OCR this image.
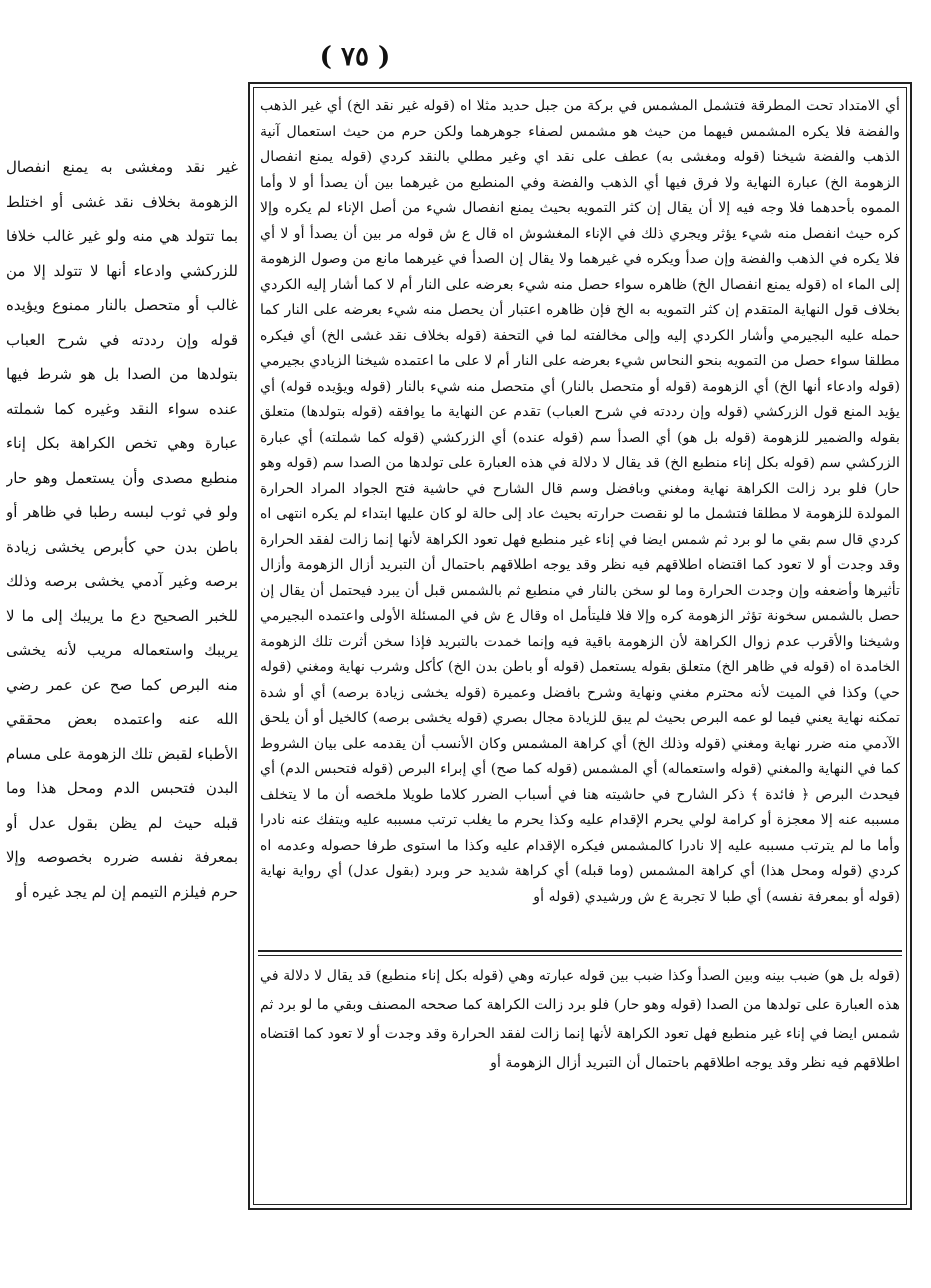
( ٧٥ )

غير نقد ومغشى به يمنع انفصال الزهومة بخلاف نقد غشى أو اختلط بما تتولد هي منه ولو غير غالب خلافا للزركشي وادعاء أنها لا تتولد إلا من غالب أو متحصل بالنار ممنوع ويؤيده قوله وإن رددته في شرح العباب بتولدها من الصدا بل هو شرط فيها عنده سواء النقد وغيره كما شملته عبارة وهي تخص الكراهة بكل إناء منطبع مصدى وأن يستعمل وهو حار ولو في ثوب لبسه رطبا في ظاهر أو باطن بدن حي كأبرص يخشى زيادة برصه وغير آدمي يخشى برصه وذلك للخبر الصحيح دع ما يريبك إلى ما لا يريبك واستعماله مريب لأنه يخشى منه البرص كما صح عن عمر رضي الله عنه واعتمده بعض محققي الأطباء لقبض تلك الزهومة على مسام البدن فتحبس الدم ومحل هذا وما قبله حيث لم يظن بقول عدل أو بمعرفة نفسه ضرره بخصوصه وإلا حرم فيلزم التيمم إن لم يجد غيره أو

أي الامتداد تحت المطرقة فتشمل المشمس في بركة من جبل حديد مثلا اه (قوله غير نقد الخ) أي غير الذهب والفضة فلا يكره المشمس فيهما من حيث هو مشمس لصفاء جوهرهما ولكن حرم من حيث استعمال آنية الذهب والفضة شيخنا (قوله ومغشى به) عطف على نقد اي وغير مطلي بالنقد كردي (قوله يمنع انفصال الزهومة الخ) عبارة النهاية ولا فرق فيها أي الذهب والفضة وفي المنطبع من غيرهما بين أن يصدأ أو لا وأما المموه بأحدهما فلا وجه فيه إلا أن يقال إن كثر التمويه بحيث يمنع انفصال شيء من أصل الإناء لم يكره وإلا كره حيث انفصل منه شيء يؤثر ويجري ذلك في الإناء المغشوش اه قال ع ش قوله مر بين أن يصدأ أو لا أي فلا يكره في الذهب والفضة وإن صدأ ويكره في غيرهما ولا يقال إن الصدأ في غيرهما مانع من وصول الزهومة إلى الماء اه (قوله يمنع انفصال الخ) ظاهره سواء حصل منه شيء بعرضه على النار أم لا كما أشار إليه الكردي بخلاف قول النهاية المتقدم إن كثر التمويه به الخ فإن ظاهره اعتبار أن يحصل منه شيء بعرضه على النار كما حمله عليه البجيرمي وأشار الكردي إليه وإلى مخالفته لما في التحفة (قوله بخلاف نقد غشى الخ) أي فيكره مطلقا سواء حصل من التمويه بنحو النحاس شيء بعرضه على النار أم لا على ما اعتمده شيخنا الزيادي بجيرمي (قوله وادعاء أنها الخ) أي الزهومة (قوله أو متحصل بالنار) أي متحصل منه شيء بالنار (قوله ويؤيده قوله) أي يؤيد المنع قول الزركشي (قوله وإن رددته في شرح العباب) تقدم عن النهاية ما يوافقه (قوله بتولدها) متعلق بقوله والضمير للزهومة (قوله بل هو) أي الصدأ سم (قوله عنده) أي الزركشي (قوله كما شملته) أي عبارة الزركشي سم (قوله بكل إناء منطبع الخ) قد يقال لا دلالة في هذه العبارة على تولدها من الصدا سم (قوله وهو حار) فلو برد زالت الكراهة نهاية ومغني وبافضل وسم قال الشارح في حاشية فتح الجواد المراد الحرارة المولدة للزهومة لا مطلقا فتشمل ما لو نقصت حرارته بحيث عاد إلى حالة لو كان عليها ابتداء لم يكره انتهى اه كردي قال سم بقي ما لو برد ثم شمس ايضا في إناء غير منطبع فهل تعود الكراهة لأنها إنما زالت لفقد الحرارة وقد وجدت أو لا تعود كما اقتضاه اطلاقهم فيه نظر وقد يوجه اطلاقهم باحتمال أن التبريد أزال الزهومة وأزال تأثيرها وأضعفه وإن وجدت الحرارة وما لو سخن بالنار في منطبع ثم بالشمس قبل أن يبرد فيحتمل أن يقال إن حصل بالشمس سخونة تؤثر الزهومة كره وإلا فلا فليتأمل اه وقال ع ش في المسئلة الأولى واعتمده البجيرمي وشيخنا والأقرب عدم زوال الكراهة لأن الزهومة باقية فيه وإنما خمدت بالتبريد فإذا سخن أثرت تلك الزهومة الخامدة اه (قوله في ظاهر الخ) متعلق بقوله يستعمل (قوله أو باطن بدن الخ) كأكل وشرب نهاية ومغني (قوله حي) وكذا في الميت لأنه محترم مغني ونهاية وشرح بافضل وعميرة (قوله يخشى زيادة برصه) أي أو شدة تمكنه نهاية يعني فيما لو عمه البرص بحيث لم يبق للزيادة مجال بصري (قوله يخشى برصه) كالخيل أو أن يلحق الآدمي منه ضرر نهاية ومغني (قوله وذلك الخ) أي كراهة المشمس وكان الأنسب أن يقدمه على بيان الشروط كما في النهاية والمغني (قوله واستعماله) أي المشمس (قوله كما صح) أي إبراء البرص (قوله فتحبس الدم) أي فيحدث البرص ﴿ فائدة ﴾ ذكر الشارح في حاشيته هنا في أسباب الضرر كلاما طويلا ملخصه أن ما لا يتخلف مسببه عنه إلا معجزة أو كرامة لولي يحرم الإقدام عليه وكذا يحرم ما يغلب ترتب مسببه عليه ويتفك عنه نادرا وأما ما لم يترتب مسببه عليه إلا نادرا كالمشمس فيكره الإقدام عليه وكذا ما استوى طرفا حصوله وعدمه اه كردي (قوله ومحل هذا) أي كراهة المشمس (وما قبله) أي كراهة شديد حر وبرد (بقول عدل) أي رواية نهاية (قوله أو بمعرفة نفسه) أي طبا لا تجربة ع ش ورشيدي (قوله أو

(قوله بل هو) ضبب بينه وبين الصدأ وكذا ضبب بين قوله عبارته وهي (قوله بكل إناء منطبع) قد يقال لا دلالة في هذه العبارة على تولدها من الصدا (قوله وهو حار) فلو برد زالت الكراهة كما صححه المصنف وبقي ما لو برد ثم شمس ايضا في إناء غير منطبع فهل تعود الكراهة لأنها إنما زالت لفقد الحرارة وقد وجدت أو لا تعود كما اقتضاه اطلاقهم فيه نظر وقد يوجه اطلاقهم باحتمال أن التبريد أزال الزهومة أو
